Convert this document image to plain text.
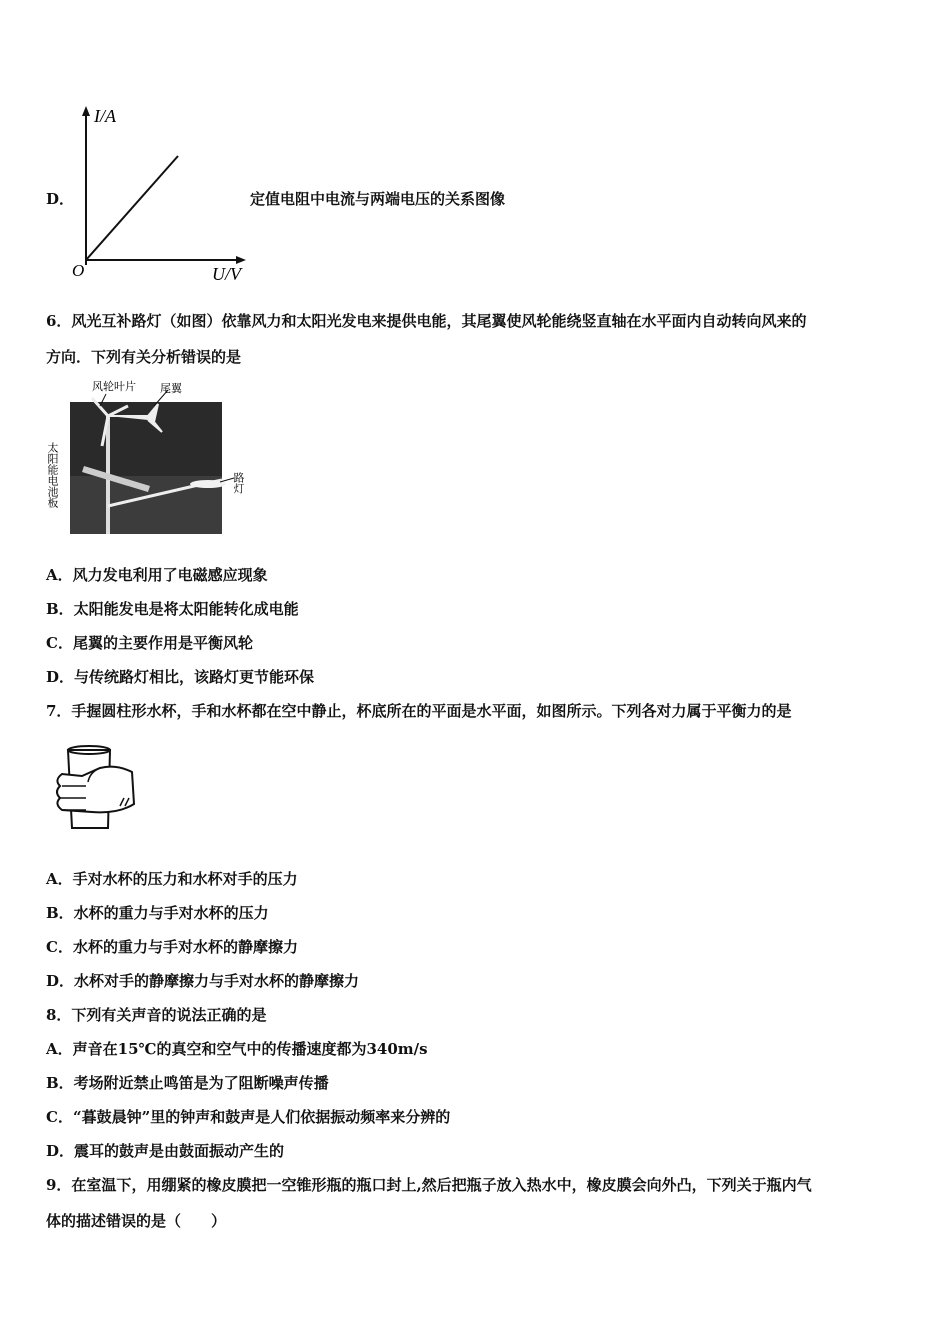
D．
I/A
O	U/V
定值电阻中电流与两端电压的关系图像
6．风光互补路灯（如图）依靠风力和太阳光发电来提供电能，其尾翼使风轮能绕竖直轴在水平面内自动转向风来的
方向．下列有关分析错误的是
风轮叶片 尾翼
太阳能电池板	路灯
A．风力发电利用了电磁感应现象
B．太阳能发电是将太阳能转化成电能
C．尾翼的主要作用是平衡风轮
D．与传统路灯相比，该路灯更节能环保
7．手握圆柱形水杯，手和水杯都在空中静止，杯底所在的平面是水平面，如图所示。下列各对力属于平衡力的是
A．手对水杯的压力和水杯对手的压力
B．水杯的重力与手对水杯的压力
C．水杯的重力与手对水杯的静摩擦力
D．水杯对手的静摩擦力与手对水杯的静摩擦力
8．下列有关声音的说法正确的是
A．声音在15℃的真空和空气中的传播速度都为340m/s
B．考场附近禁止鸣笛是为了阻断噪声传播
C．“暮鼓晨钟”里的钟声和鼓声是人们依据振动频率来分辨的
D．震耳的鼓声是由鼓面振动产生的
9．在室温下，用绷紧的橡皮膜把一空锥形瓶的瓶口封上,然后把瓶子放入热水中，橡皮膜会向外凸，下列关于瓶内气
体的描述错误的是（　　）
